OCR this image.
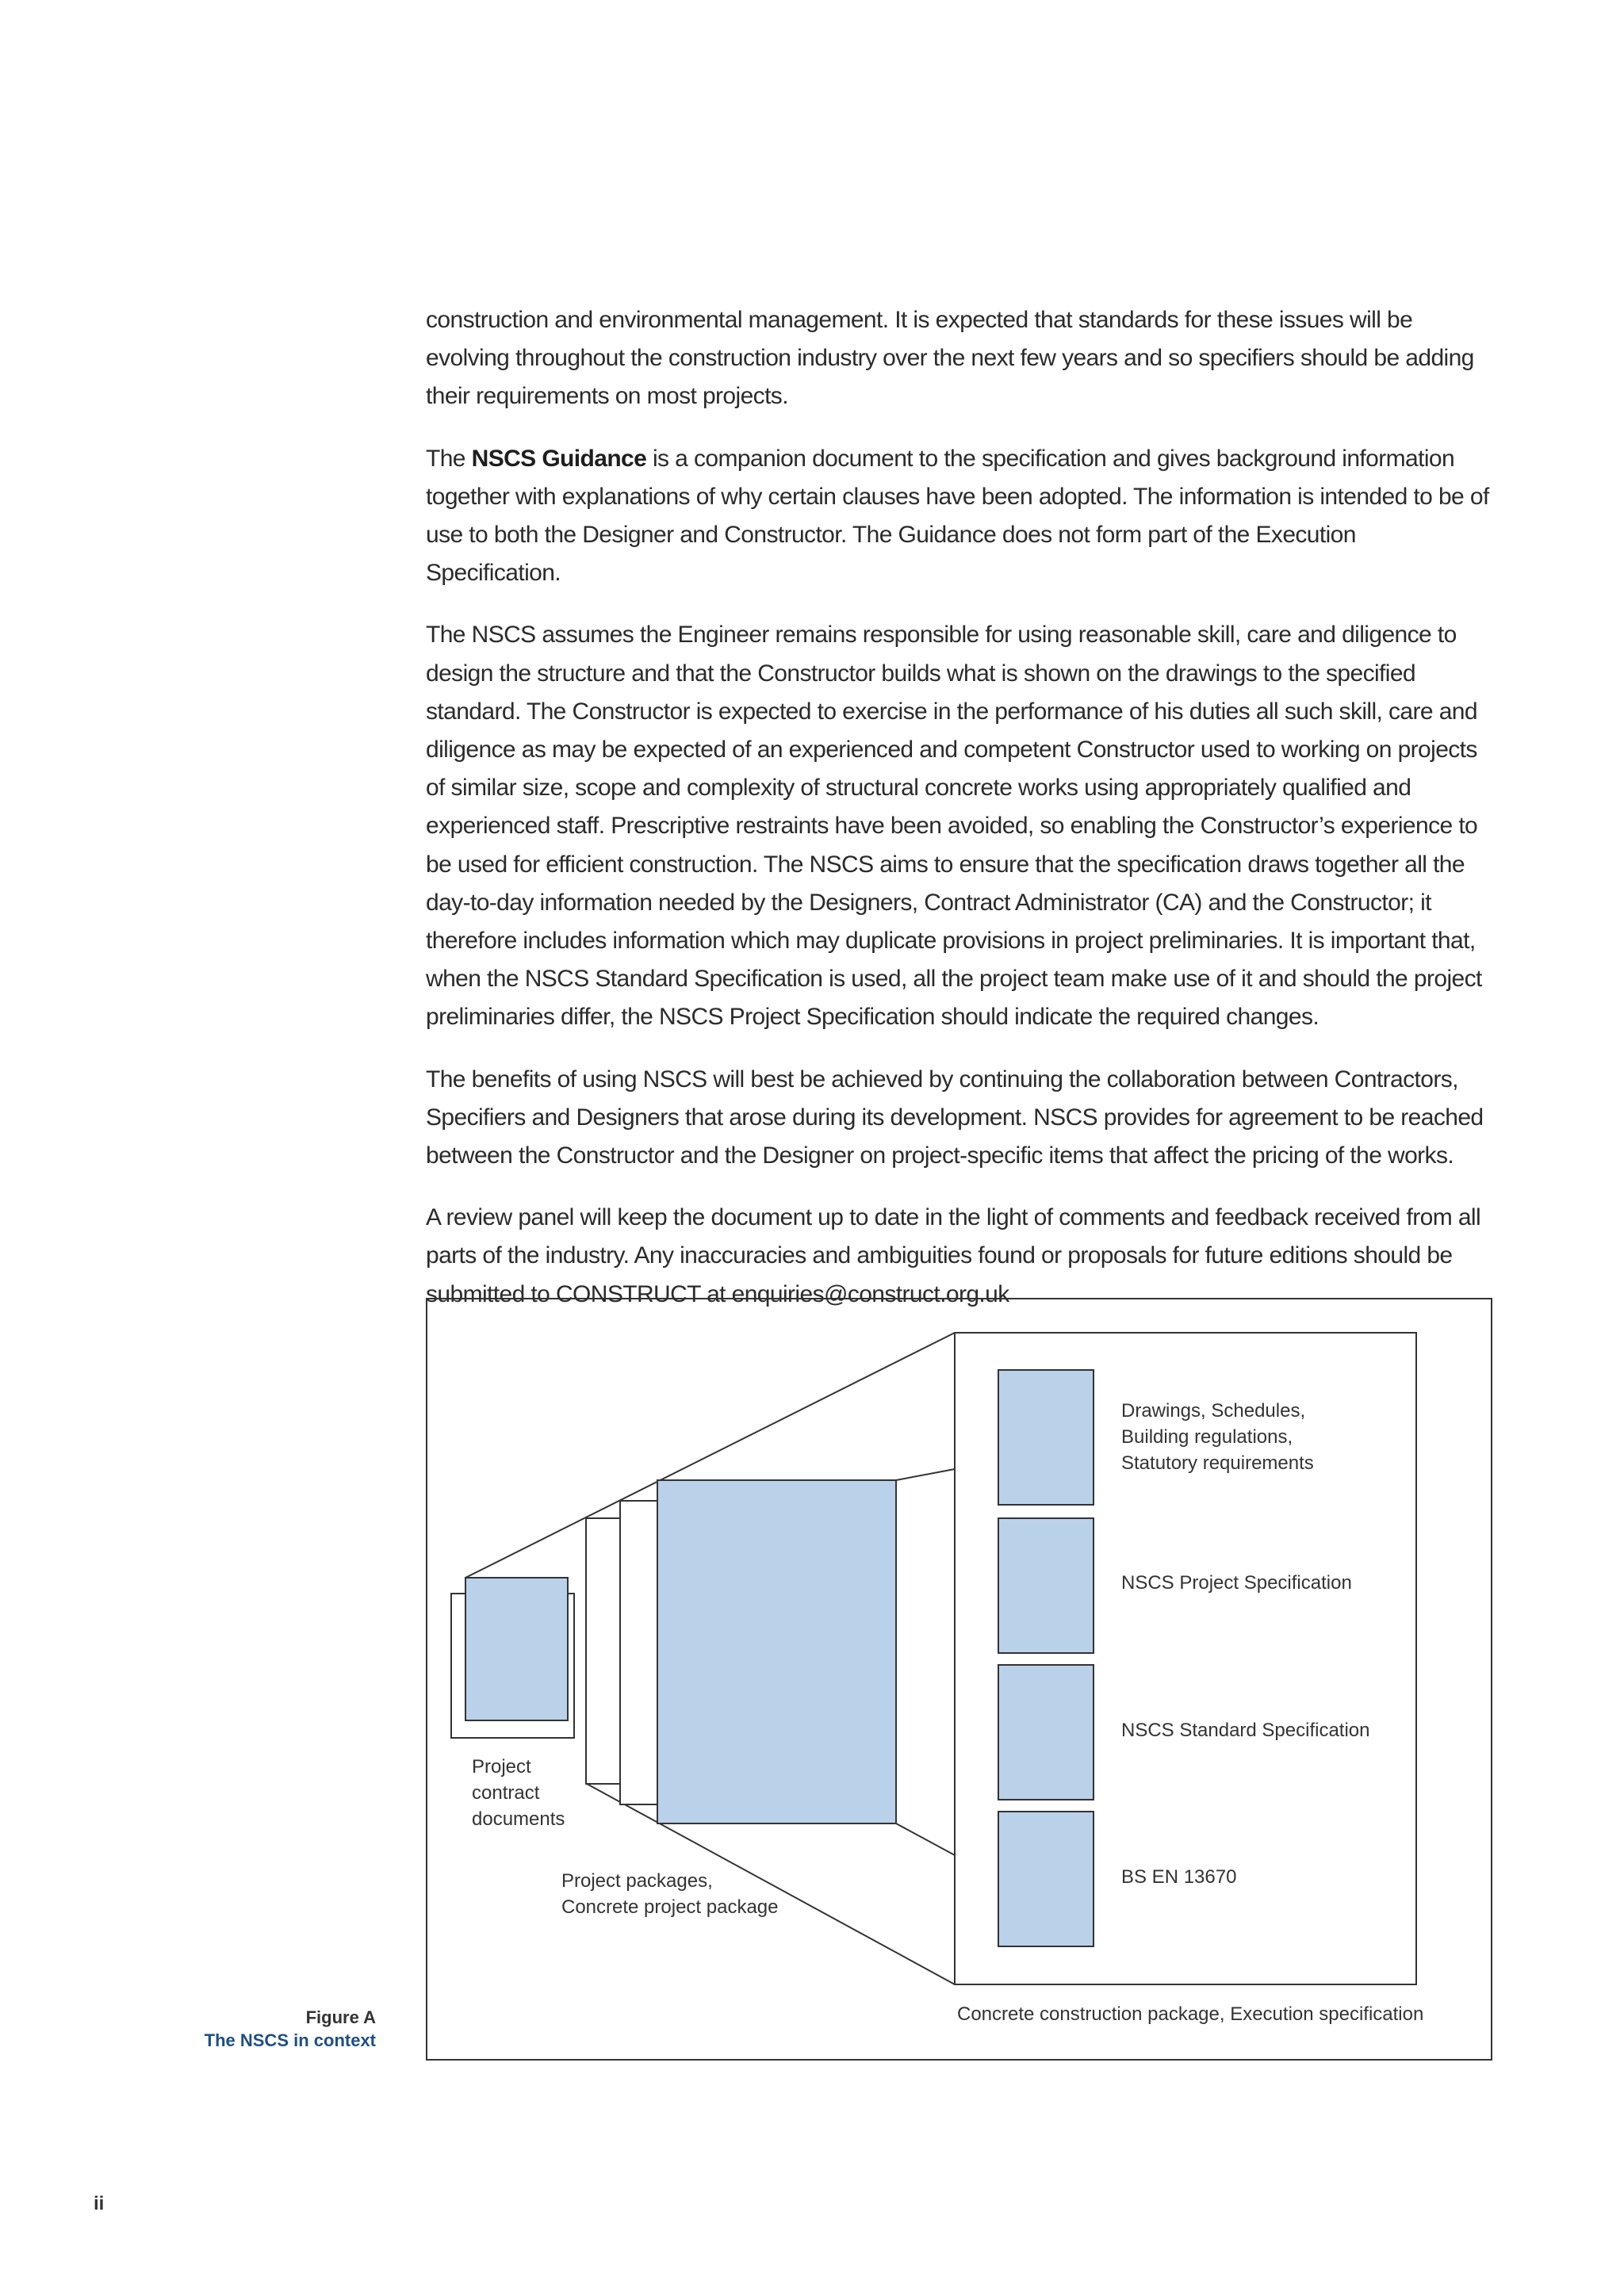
construction and environmental management. It is expected that standards for these issues will be evolving throughout the construction industry over the next few years and so specifiers should be adding their requirements on most projects.

The NSCS Guidance is a companion document to the specification and gives background information together with explanations of why certain clauses have been adopted. The information is intended to be of use to both the Designer and Constructor. The Guidance does not form part of the Execution Specification.

The NSCS assumes the Engineer remains responsible for using reasonable skill, care and diligence to design the structure and that the Constructor builds what is shown on the drawings to the specified standard. The Constructor is expected to exercise in the performance of his duties all such skill, care and diligence as may be expected of an experienced and competent Constructor used to working on projects of similar size, scope and complexity of structural concrete works using appropriately qualified and experienced staff. Prescriptive restraints have been avoided, so enabling the Constructor’s experience to be used for efficient construction. The NSCS aims to ensure that the specification draws together all the day-to-day information needed by the Designers, Contract Administrator (CA) and the Constructor; it therefore includes information which may duplicate provisions in project preliminaries. It is important that, when the NSCS Standard Specification is used, all the project team make use of it and should the project preliminaries differ, the NSCS Project Specification should indicate the required changes.

The benefits of using NSCS will best be achieved by continuing the collaboration between Contractors, Specifiers and Designers that arose during its development. NSCS provides for agreement to be reached between the Constructor and the Designer on project-specific items that affect the pricing of the works.

A review panel will keep the document up to date in the light of comments and feedback received from all parts of the industry. Any inaccuracies and ambiguities found or proposals for future editions should be submitted to CONSTRUCT at enquiries@construct.org.uk

Project
contract
documents
Project packages,
Concrete project package
Drawings, Schedules,
Building regulations,
Statutory requirements
NSCS Project Specification
NSCS Standard Specification
BS EN 13670
Concrete construction package, Execution specification
Figure A
The NSCS in context
ii
